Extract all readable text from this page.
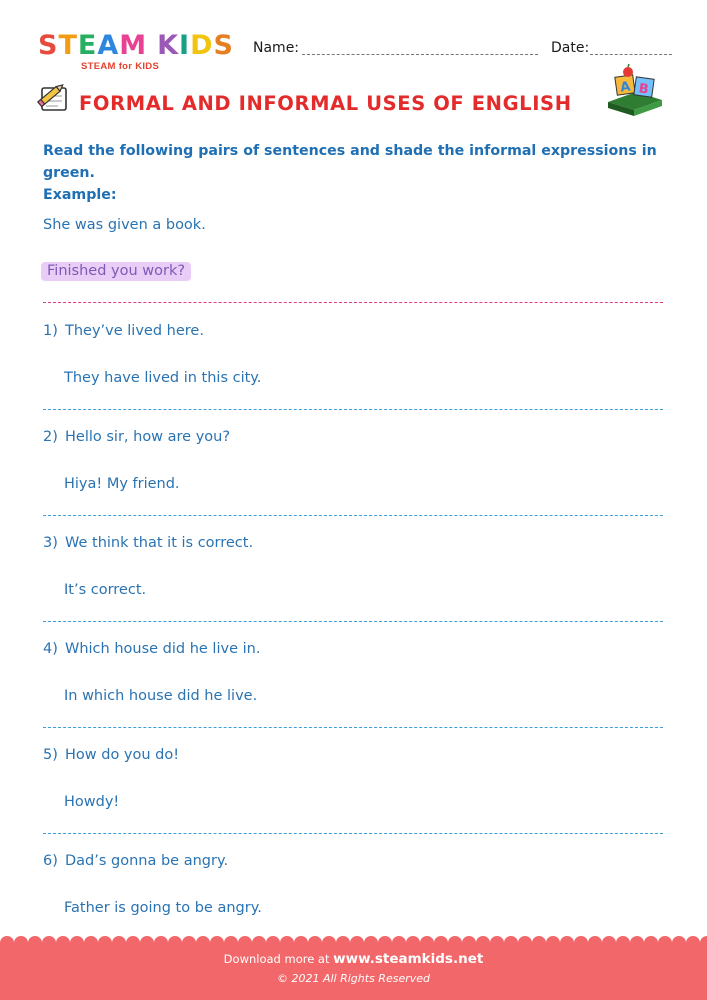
S T E A M K I D S
STEAM for KIDS
Name:	Date:
FORMAL AND INFORMAL USES OF ENGLISH
A B
Read the following pairs of sentences and shade the informal expressions in green.
Example:
She was given a book.
Finished you work?
1) They’ve lived here.
They have lived in this city.
2) Hello sir, how are you?
Hiya! My friend.
3) We think that it is correct.
It’s correct.
4) Which house did he live in.
In which house did he live.
5) How do you do!
Howdy!
6) Dad’s gonna be angry.
Father is going to be angry.
Download more at www.steamkids.net
© 2021 All Rights Reserved
